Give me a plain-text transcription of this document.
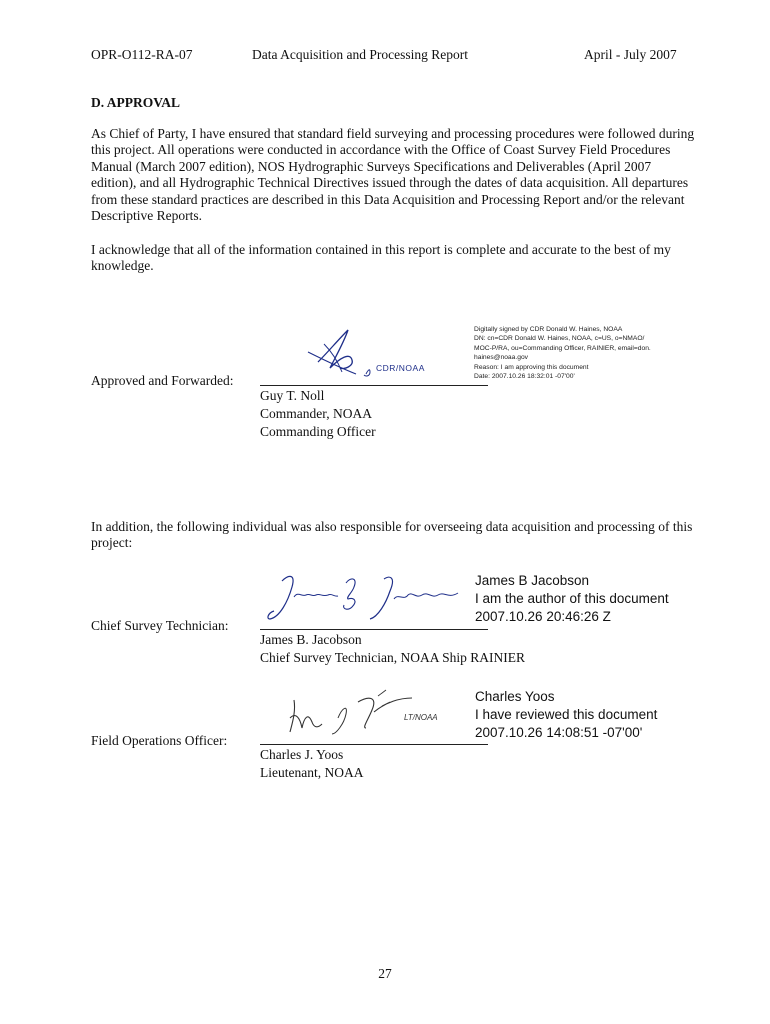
OPR-O112-RA-07	Data Acquisition and Processing Report	April - July 2007
D. APPROVAL
As Chief of Party, I have ensured that standard field surveying and processing procedures were followed during this project. All operations were conducted in accordance with the Office of Coast Survey Field Procedures Manual (March 2007 edition), NOS Hydrographic Surveys Specifications and Deliverables (April 2007 edition), and all Hydrographic Technical Directives issued through the dates of data acquisition. All departures from these standard practices are described in this Data Acquisition and Processing Report and/or the relevant Descriptive Reports.
I acknowledge that all of the information contained in this report is complete and accurate to the best of my knowledge.
CDR/NOAA
Digitally signed by CDR Donald W. Haines, NOAA
DN: cn=CDR Donald W. Haines, NOAA, c=US, o=NMAO/
MOC-P/RA, ou=Commanding Officer, RAINIER, email=don.
haines@noaa.gov
Reason: I am approving this document
Date: 2007.10.26 18:32:01 -07'00'
Approved and Forwarded:
Guy T. Noll
Commander, NOAA
Commanding Officer
In addition, the following individual was also responsible for overseeing data acquisition and processing of this project:
James B Jacobson
I am the author of this document
2007.10.26 20:46:26 Z
Chief Survey Technician:
James B. Jacobson
Chief Survey Technician, NOAA Ship RAINIER
LT/NOAA
Charles Yoos
I have reviewed this document
2007.10.26 14:08:51 -07'00'
Field Operations Officer:
Charles J. Yoos
Lieutenant, NOAA
27
